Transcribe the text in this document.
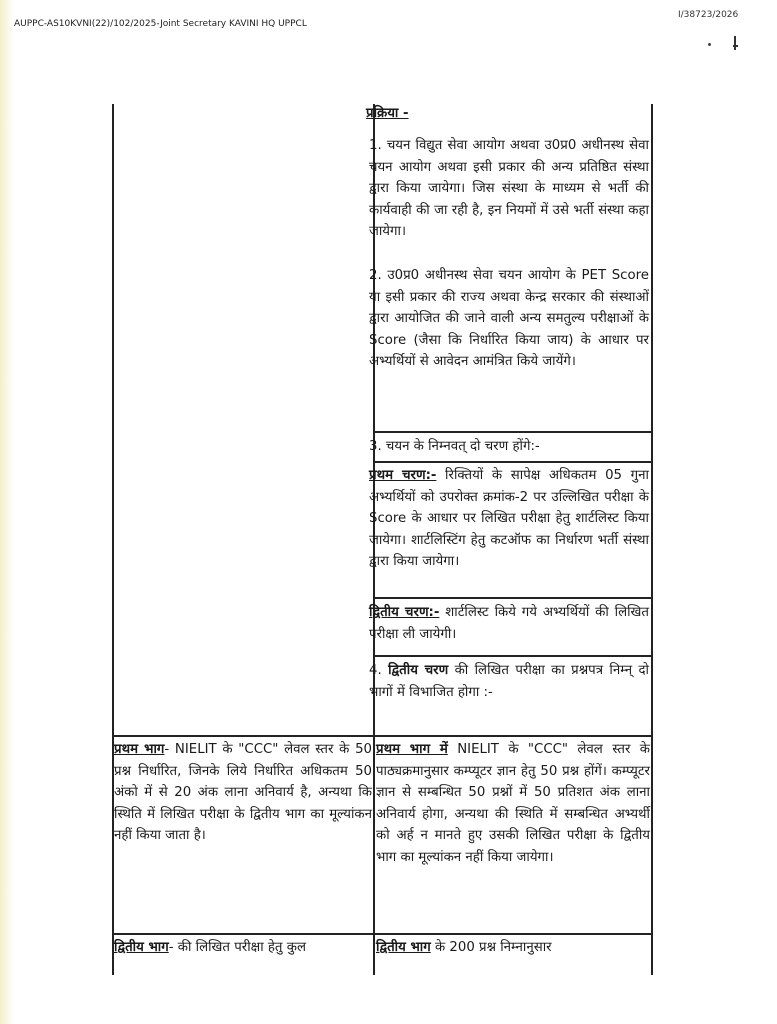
AUPPC-AS10KVNI(22)/102/2025-Joint Secretary KAVINI HQ UPPCL
I/38723/2026
प्रक्रिया -

1. चयन विद्युत सेवा आयोग अथवा उ0प्र0 अधीनस्थ सेवा चयन आयोग अथवा इसी प्रकार की अन्य प्रतिष्ठित संस्था द्वारा किया जायेगा। जिस संस्था के माध्यम से भर्ती की कार्यवाही की जा रही है, इन नियमों में उसे भर्ती संस्था कहा जायेगा।

2. उ0प्र0 अधीनस्थ सेवा चयन आयोग के PET Score या इसी प्रकार की राज्य अथवा केन्द्र सरकार की संस्थाओं द्वारा आयोजित की जाने वाली अन्य समतुल्य परीक्षाओं के Score (जैसा कि निर्धारित किया जाय) के आधार पर अभ्यर्थियों से आवेदन आमंत्रित किये जायेंगे।

3. चयन के निम्नवत् दो चरण होंगे:-

प्रथम चरण:- रिक्तियों के सापेक्ष अधिकतम 05 गुना अभ्यर्थियों को उपरोक्त क्रमांक-2 पर उल्लिखित परीक्षा के Score के आधार पर लिखित परीक्षा हेतु शार्टलिस्ट किया जायेगा। शार्टलिस्टिंग हेतु कटऑफ का निर्धारण भर्ती संस्था द्वारा किया जायेगा।

द्वितीय चरण:- शार्टलिस्ट किये गये अभ्यर्थियों की लिखित परीक्षा ली जायेगी।

4. द्वितीय चरण की लिखित परीक्षा का प्रश्नपत्र निम्न् दो भागों में विभाजित होगा :-

प्रथम भाग- NIELIT के "CCC" लेवल स्तर के 50 प्रश्न निर्धारित, जिनके लिये निर्धारित अधिकतम 50 अंको में से 20 अंक लाना अनिवार्य है, अन्यथा कि स्थिति में लिखित परीक्षा के द्वितीय भाग का मूल्यांकन नहीं किया जाता है।

प्रथम भाग में NIELIT के "CCC" लेवल स्तर के पाठ्यक्रमानुसार कम्प्यूटर ज्ञान हेतु 50 प्रश्न होंगें। कम्प्यूटर ज्ञान से सम्बन्धित 50 प्रश्नों में 50 प्रतिशत अंक लाना अनिवार्य होगा, अन्यथा की स्थिति में सम्बन्धित अभ्यर्थी को अर्ह न मानते हुए उसकी लिखित परीक्षा के द्वितीय भाग का मूल्यांकन नहीं किया जायेगा।

द्वितीय भाग- की लिखित परीक्षा हेतु कुल	द्वितीय भाग के 200 प्रश्न निम्नानुसार
